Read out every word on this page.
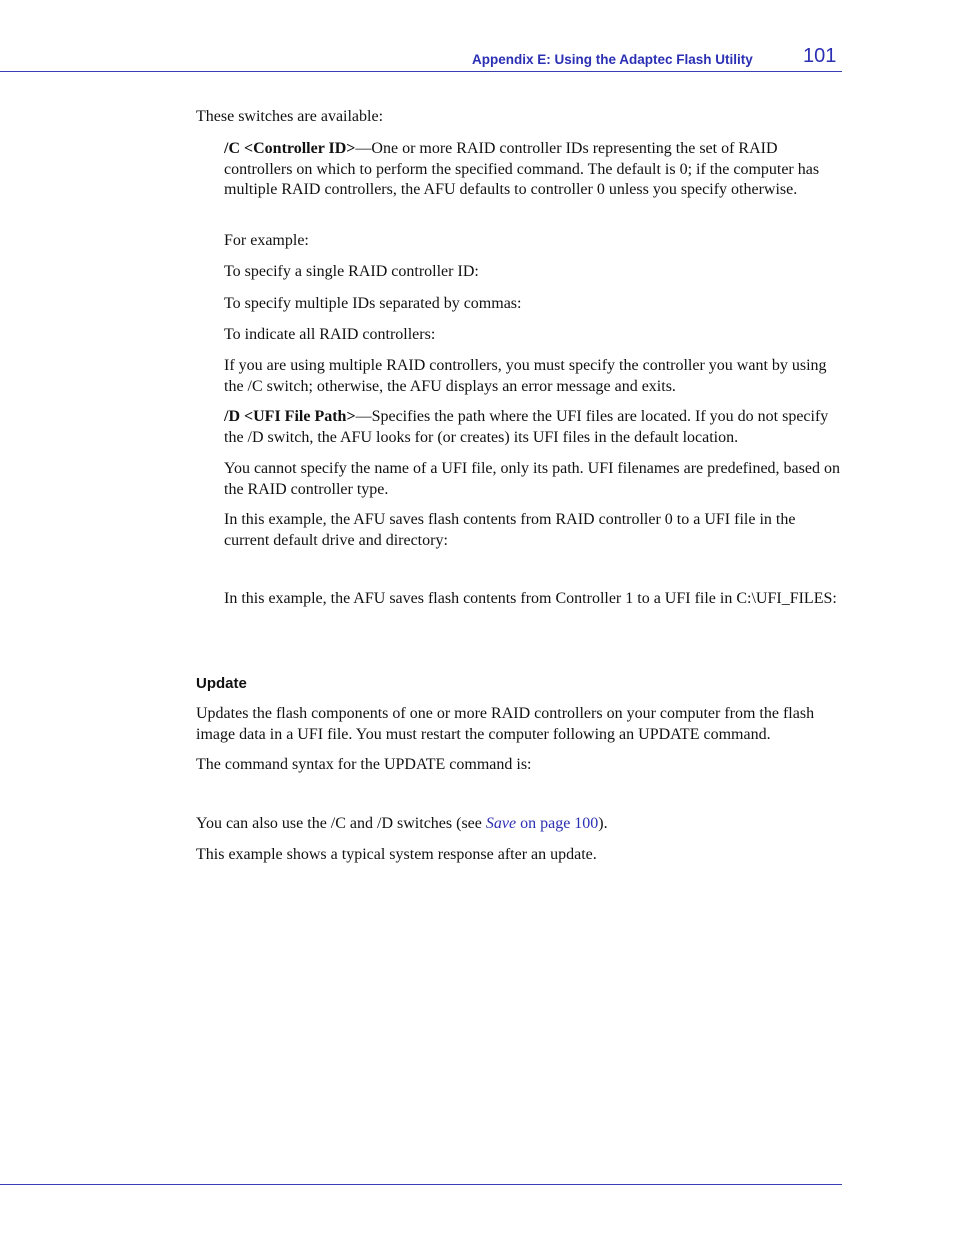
Appendix E: Using the Adaptec Flash Utility	101

These switches are available:

/C <Controller ID>—One or more RAID controller IDs representing the set of RAID controllers on which to perform the specified command. The default is 0; if the computer has multiple RAID controllers, the AFU defaults to controller 0 unless you specify otherwise.

For example:

To specify a single RAID controller ID:

To specify multiple IDs separated by commas:

To indicate all RAID controllers:

If you are using multiple RAID controllers, you must specify the controller you want by using the /C switch; otherwise, the AFU displays an error message and exits.

/D <UFI File Path>—Specifies the path where the UFI files are located. If you do not specify the /D switch, the AFU looks for (or creates) its UFI files in the default location.

You cannot specify the name of a UFI file, only its path. UFI filenames are predefined, based on the RAID controller type.

In this example, the AFU saves flash contents from RAID controller 0 to a UFI file in the current default drive and directory:

In this example, the AFU saves flash contents from Controller 1 to a UFI file in C:\UFI_FILES:

Update

Updates the flash components of one or more RAID controllers on your computer from the flash image data in a UFI file. You must restart the computer following an UPDATE command.

The command syntax for the UPDATE command is:

You can also use the /C and /D switches (see Save on page 100).

This example shows a typical system response after an update.
